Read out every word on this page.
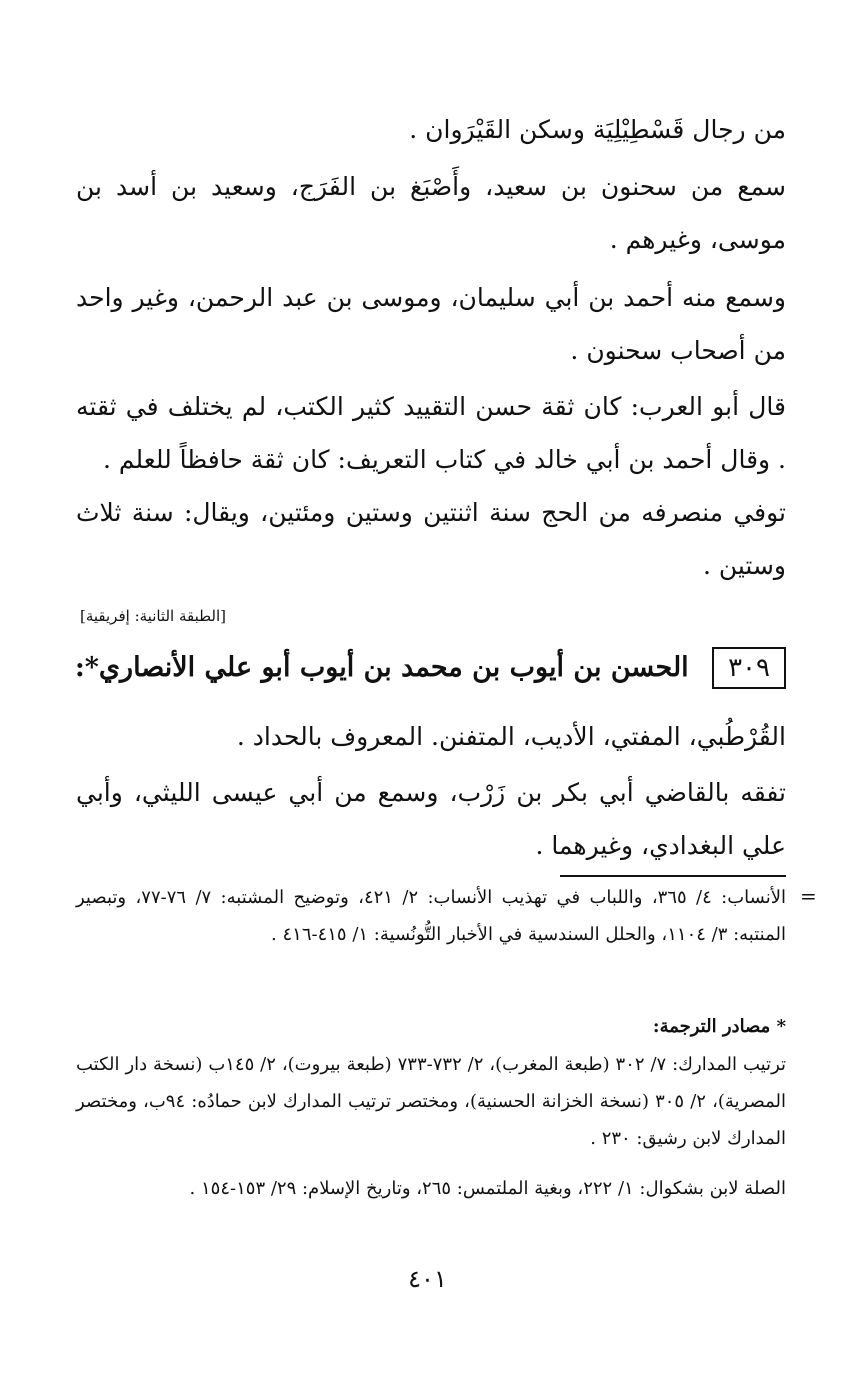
من رجال قَسْطِيْلِيَة وسكن القَيْرَوان .
سمع من سحنون بن سعيد، وأَصْبَغ بن الفَرَج، وسعيد بن أسد بن موسى، وغيرهم .
وسمع منه أحمد بن أبي سليمان، وموسى بن عبد الرحمن، وغير واحد من أصحاب سحنون .
قال أبو العرب: كان ثقة حسن التقييد كثير الكتب، لم يختلف في ثقته . وقال أحمد بن أبي خالد في كتاب التعريف: كان ثقة حافظاً للعلم .
توفي منصرفه من الحج سنة اثنتين وستين ومئتين، ويقال: سنة ثلاث وستين .
[الطبقة الثانية: إفريقية]
٣٠٩ الحسن بن أيوب بن محمد بن أيوب أبو علي الأنصاري*:
القُرْطُبي، المفتي، الأديب، المتفنن. المعروف بالحداد .
تفقه بالقاضي أبي بكر بن زَرْب، وسمع من أبي عيسى الليثي، وأبي علي البغدادي، وغيرهما .
=
الأنساب: ٤/ ٣٦٥، واللباب في تهذيب الأنساب: ٢/ ٤٢١، وتوضيح المشتبه: ٧/ ٧٦-٧٧، وتبصير المنتبه: ٣/ ١١٠٤، والحلل السندسية في الأخبار التُّونُسية: ١/ ٤١٥-٤١٦ .
* مصادر الترجمة:
ترتيب المدارك: ٧/ ٣٠٢ (طبعة المغرب)، ٢/ ٧٣٢-٧٣٣ (طبعة بيروت)، ٢/ ١٤٥ب (نسخة دار الكتب المصرية)، ٢/ ٣٠٥ (نسخة الخزانة الحسنية)، ومختصر ترتيب المدارك لابن حمادُه: ٩٤ب، ومختصر المدارك لابن رشيق: ٢٣٠ .
الصلة لابن بشكوال: ١/ ٢٢٢، وبغية الملتمس: ٢٦٥، وتاريخ الإسلام: ٢٩/ ١٥٣-١٥٤ .
٤٠١
